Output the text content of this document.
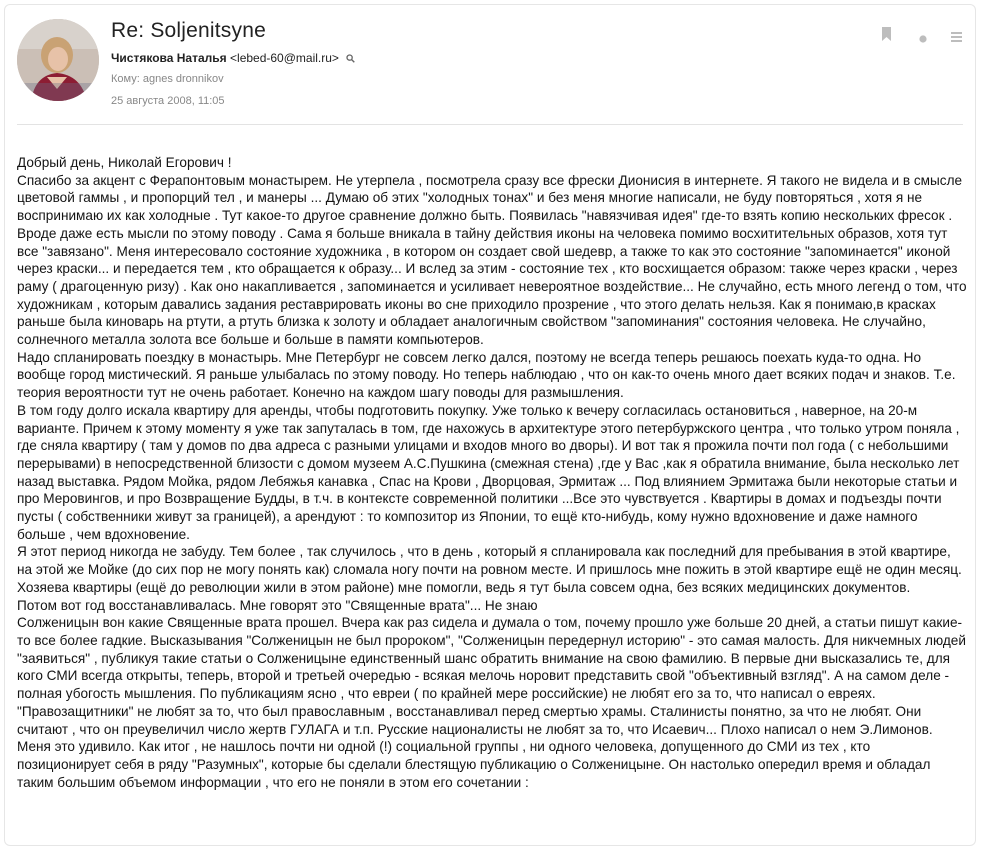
Re: Soljenitsyne
Чистякова Наталья <lebed-60@mail.ru>
Кому: agnes dronnikov
25 августа 2008, 11:05

Добрый день, Николай Егорович !

Спасибо за акцент с Ферапонтовым монастырем. Не утерпела , посмотрела сразу все фрески Дионисия в интернете. Я такого не видела и в смысле цветовой гаммы , и пропорций тел , и манеры ... Думаю об этих "холодных тонах" и без меня многие написали, не буду повторяться , хотя я не воспринимаю их как холодные . Тут какое-то другое сравнение должно быть. Появилась "навязчивая идея" где-то взять копию нескольких фресок . Вроде даже есть мысли по этому поводу . Сама я больше вникала в тайну действия иконы на человека помимо восхитительных образов, хотя тут все "завязано". Меня интересовало состояние художника , в котором он создает свой шедевр, а также то как это состояние "запоминается" иконой через краски... и передается тем , кто обращается к образу... И вслед за этим - состояние тех , кто восхищается образом: также через краски , через раму ( драгоценную ризу) . Как оно накапливается , запоминается и усиливает невероятное воздействие... Не случайно, есть много легенд о том, что художникам , которым давались задания реставрировать иконы во сне приходило прозрение , что этого делать нельзя. Как я понимаю,в красках раньше была киноварь на ртути, а ртуть близка к золоту и обладает аналогичным свойством "запоминания" состояния человека. Не случайно, солнечного металла золота все больше и больше в памяти компьютеров.

Надо спланировать поездку в монастырь. Мне Петербург не совсем легко дался, поэтому не всегда теперь решаюсь поехать куда-то одна. Но вообще город мистический. Я раньше улыбалась по этому поводу. Но теперь наблюдаю , что он как-то очень много дает всяких подач и знаков. Т.е. теория вероятности тут не очень работает. Конечно на каждом шагу поводы для размышления.

В том году долго искала квартиру для аренды, чтобы подготовить покупку. Уже только к вечеру согласилась остановиться , наверное, на 20-м варианте. Причем к этому моменту я уже так запуталась в том, где нахожусь в архитектуре этого петербуржского центра , что только утром поняла , где сняла квартиру ( там у домов по два адреса с разными улицами и входов много во дворы). И вот так я прожила почти пол года ( с небольшими перерывами) в непосредственной близости с домом музеем А.С.Пушкина (смежная стена) ,где у Вас ,как я обратила внимание, была несколько лет назад выставка. Рядом Мойка, рядом Лебяжья канавка , Спас на Крови , Дворцовая, Эрмитаж ... Под влиянием Эрмитажа были некоторые статьи и про Меровингов, и про Возвращение Будды, в т.ч. в контексте современной политики ...Все это чувствуется . Квартиры в домах и подъезды почти пусты ( собственники живут за границей), а арендуют : то композитор из Японии, то ещё кто-нибудь, кому нужно вдохновение и даже намного больше , чем вдохновение.

Я этот период никогда не забуду. Тем более , так случилось , что в день , который я спланировала как последний для пребывания в этой квартире, на этой же Мойке (до сих пор не могу понять как) сломала ногу почти на ровном месте. И пришлось мне пожить в этой квартире ещё не один месяц. Хозяева квартиры (ещё до революции жили в этом районе) мне помогли, ведь я тут была совсем одна, без всяких медицинских документов.

Потом вот год восстанавливалась. Мне говорят это "Священные врата"... Не знаю

Солженицын вон какие Священные врата прошел. Вчера как раз сидела и думала о том, почему прошло уже больше 20 дней, а статьи пишут какие-то все более гадкие. Высказывания "Солженицын не был пророком", "Солженицын передернул историю" - это самая малость. Для никчемных людей "заявиться" , публикуя такие статьи о Солженицыне единственный шанс обратить внимание на свою фамилию. В первые дни высказались те, для кого СМИ всегда открыты, теперь, второй и третьей очередью - всякая мелочь норовит представить свой "объективный взгляд". А на самом деле - полная убогость мышления. По публикациям ясно , что евреи ( по крайней мере российские) не любят его за то, что написал о евреях. "Правозащитники" не любят за то, что был православным , восстанавливал перед смертью храмы. Сталинисты понятно, за что не любят. Они считают , что он преувеличил число жертв ГУЛАГА и т.п. Русские националисты не любят за то, что Исаевич... Плохо написал о нем Э.Лимонов. Меня это удивило. Как итог , не нашлось почти ни одной (!) социальной группы , ни одного человека, допущенного до СМИ из тех , кто позиционирует себя в ряду "Разумных", которые бы сделали блестящую публикацию о Солженицыне. Он настолько опередил время и обладал таким большим объемом информации , что его не поняли в этом его сочетании :
